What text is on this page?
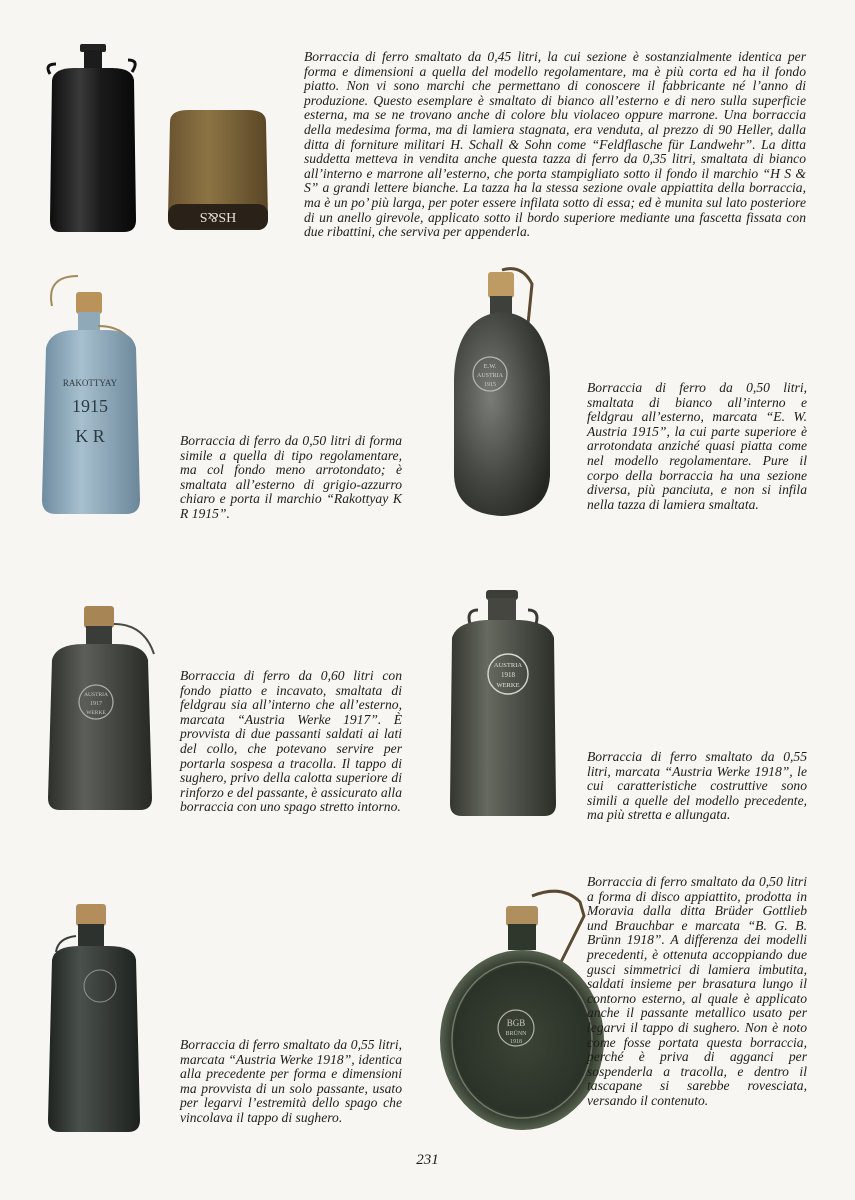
HS&S

Borraccia di ferro smaltato da 0,45 litri, la cui sezione è sostanzialmente identica per forma e dimensioni a quella del modello regolamentare, ma è più corta ed ha il fondo piatto. Non vi sono marchi che permettano di conoscere il fabbricante né l’anno di produzione. Questo esemplare è smaltato di bianco all’esterno e di nero sulla superficie esterna, ma se ne trovano anche di colore blu violaceo oppure marrone. Una borraccia della medesima forma, ma di lamiera stagnata, era venduta, al prezzo di 90 Heller, dalla ditta di forniture militari H. Schall & Sohn come “Feldflasche für Landwehr”. La ditta suddetta metteva in vendita anche questa tazza di ferro da 0,35 litri, smaltata di bianco all’interno e marrone all’esterno, che porta stampigliato sotto il fondo il marchio “H S & S” a grandi lettere bianche. La tazza ha la stessa sezione ovale appiattita della borraccia, ma è un po’ più larga, per poter essere infilata sotto di essa; ed è munita sul lato posteriore di un anello girevole, applicato sotto il bordo superiore mediante una fascetta fissata con due ribattini, che serviva per appenderla.

RAKOTTYAY
1915
K R	Borraccia di ferro da 0,50 litri di forma simile a quella di tipo regolamentare, ma col fondo meno arrotondato; è smaltata all’esterno di grigio-azzurro chiaro e porta il marchio “Rakottyay K R 1915”.

E.W.
AUSTRIA
1915	Borraccia di ferro da 0,50 litri, smaltata di bianco all’interno e feldgrau all’esterno, marcata “E. W. Austria 1915”, la cui parte superiore è arrotondata anziché quasi piatta come nel modello regolamentare. Pure il corpo della borraccia ha una sezione diversa, più panciuta, e non si infila nella tazza di lamiera smaltata.

AUSTRIA
1917
WERKE

Borraccia di ferro da 0,60 litri con fondo piatto e incavato, smaltata di feldgrau sia all’interno che all’esterno, marcata “Austria Werke 1917”. È provvista di due passanti saldati ai lati del collo, che potevano servire per portarla sospesa a tracolla. Il tappo di sughero, privo della calotta superiore di rinforzo e del passante, è assicurato alla borraccia con uno spago stretto intorno.

AUSTRIA
1918
WERKE

Borraccia di ferro smaltato da 0,55 litri, marcata “Austria Werke 1918”, le cui caratteristiche costruttive sono simili a quelle del modello precedente, ma più stretta e allungata.

BGB
BRÜNN
1918

Borraccia di ferro smaltato da 0,50 litri a forma di disco appiattito, prodotta in Moravia dalla ditta Brüder Gottlieb und Brauchbar e marcata “B. G. B. Brünn 1918”. A differenza dei modelli precedenti, è ottenuta accoppiando due gusci simmetrici di lamiera imbutita, saldati insieme per brasatura lungo il contorno esterno, al quale è applicato anche il passante metallico usato per legarvi il tappo di sughero. Non è noto come fosse portata questa borraccia, perché è priva di agganci per sospenderla a tracolla, e dentro il tascapane si sarebbe rovesciata, versando il contenuto.

Borraccia di ferro smaltato da 0,55 litri, marcata “Austria Werke 1918”, identica alla precedente per forma e dimensioni ma provvista di un solo passante, usato per legarvi l’estremità dello spago che vincolava il tappo di sughero.

231
